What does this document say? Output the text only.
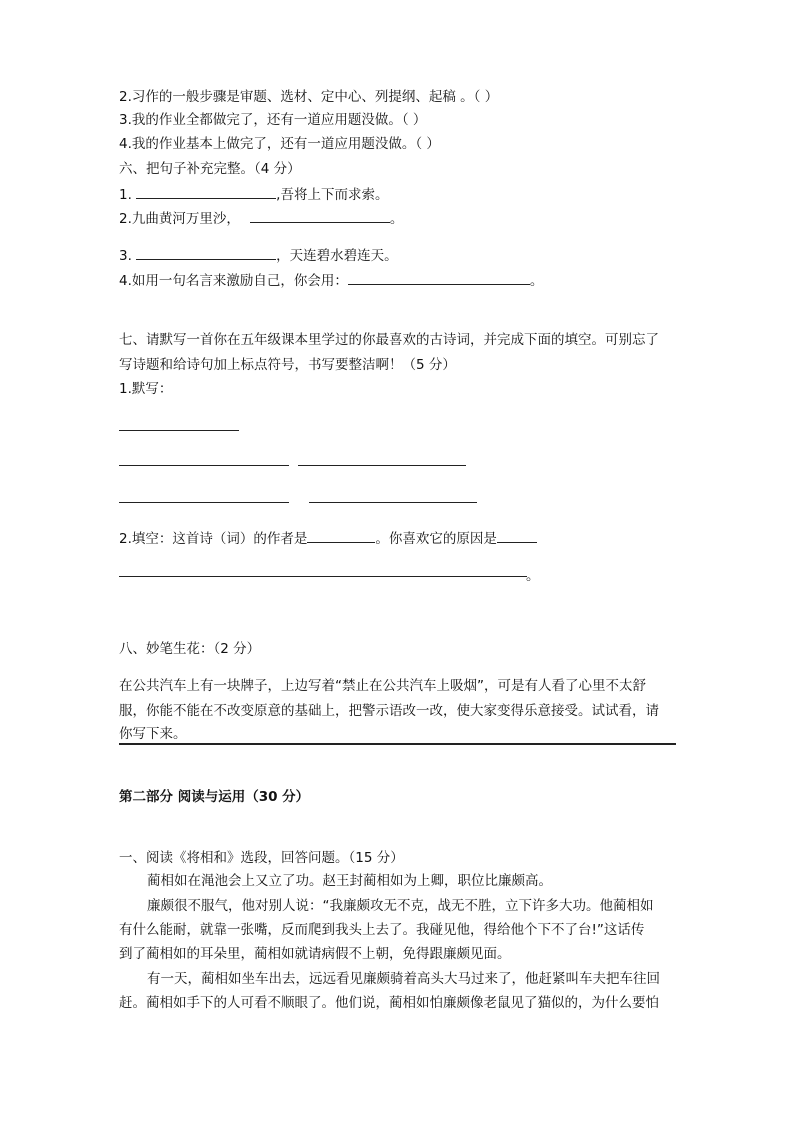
2.习作的一般步骤是审题、选材、定中心、列提纲、起稿 。（ ）
3.我的作业全都做完了，还有一道应用题没做。（ ）
4.我的作业基本上做完了，还有一道应用题没做。（ ）
六、把句子补充完整。（4 分）
1.	,吾将上下而求索。
2.九曲黄河万里沙，	。
3.	，天连碧水碧连天。
4.如用一句名言来激励自己，你会用：	。
七、请默写一首你在五年级课本里学过的你最喜欢的古诗词，并完成下面的填空。可别忘了
写诗题和给诗句加上标点符号，书写要整洁啊！（5 分）
1.默写：
2.填空：这首诗（词）的作者是	。你喜欢它的原因是
。
八、妙笔生花：（2 分）
在公共汽车上有一块牌子，上边写着“禁止在公共汽车上吸烟”，可是有人看了心里不太舒
服，你能不能在不改变原意的基础上，把警示语改一改，使大家变得乐意接受。试试看，请
你写下来。
第二部分 阅读与运用（30 分）
一、阅读《将相和》选段，回答问题。（15 分）
蔺相如在渑池会上又立了功。赵王封蔺相如为上卿，职位比廉颇高。
廉颇很不服气，他对别人说：“我廉颇攻无不克，战无不胜，立下许多大功。他蔺相如
有什么能耐，就靠一张嘴，反而爬到我头上去了。我碰见他，得给他个下不了台!”这话传
到了蔺相如的耳朵里，蔺相如就请病假不上朝，免得跟廉颇见面。
有一天，蔺相如坐车出去，远远看见廉颇骑着高头大马过来了，他赶紧叫车夫把车往回
赶。蔺相如手下的人可看不顺眼了。他们说，蔺相如怕廉颇像老鼠见了猫似的，为什么要怕
